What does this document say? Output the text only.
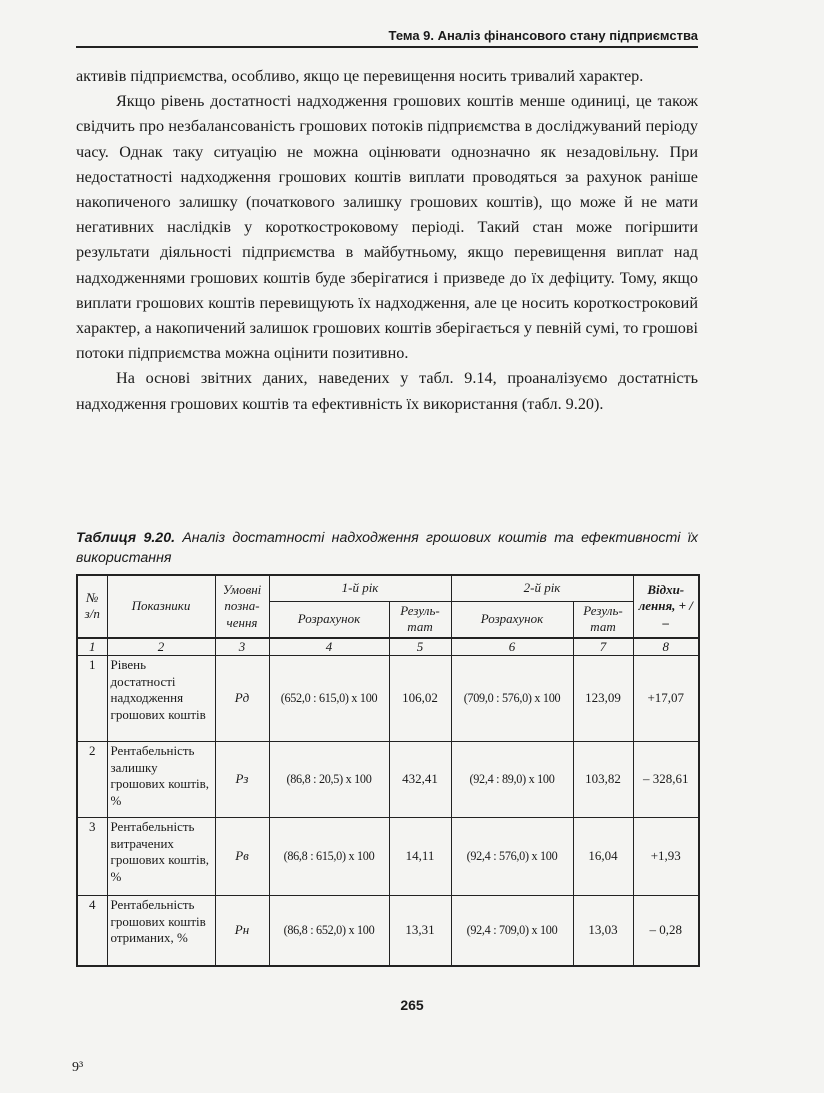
Тема 9. Аналіз фінансового стану підприємства

активів підприємства, особливо, якщо це перевищення носить тривалий характер.

Якщо рівень достатності надходження грошових коштів менше одиниці, це також свідчить про незбалансованість грошових потоків підприємства в досліджуваний періоду часу. Однак таку ситуацію не можна оцінювати однозначно як незадовільну. При недостатності надходження грошових коштів виплати проводяться за рахунок раніше накопиченого залишку (початкового залишку грошових коштів), що може й не мати негативних наслідків у короткостроковому періоді. Такий стан може погіршити результати діяльності підприємства в майбутньому, якщо перевищення виплат над надходженнями грошових коштів буде зберігатися і призведе до їх дефіциту. Тому, якщо виплати грошових коштів перевищують їх надходження, але це носить короткостроковий характер, а накопичений залишок грошових коштів зберігається у певній сумі, то грошові потоки підприємства можна оцінити позитивно.

На основі звітних даних, наведених у табл. 9.14, проаналізуємо достатність надходження грошових коштів та ефективність їх використання (табл. 9.20).

Таблиця 9.20. Аналіз достатності надходження грошових коштів та ефективності їх використання
№ з/п	Показники	Умовні позна-чення	1-й рік		2-й рік		Відхи-лення, + / –
			Розрахунок	Резуль-тат	Розрахунок	Резуль-тат	
1	2	3	4	5	6	7	8
1	Рівень достатності надходження грошових коштів	Pд	(652,0 : 615,0) x 100	106,02	(709,0 : 576,0) x 100	123,09	+17,07
2	Рентабельність залишку грошових коштів, %	Pз	(86,8 : 20,5) x 100	432,41	(92,4 : 89,0) x 100	103,82	– 328,61
3	Рентабельність витрачених грошових коштів, %	Pв	(86,8 : 615,0) x 100	14,11	(92,4 : 576,0) x 100	16,04	+1,93
4	Рентабельність грошових коштів отриманих, %	Pн	(86,8 : 652,0) x 100	13,31	(92,4 : 709,0) x 100	13,03	– 0,28
265
9³
